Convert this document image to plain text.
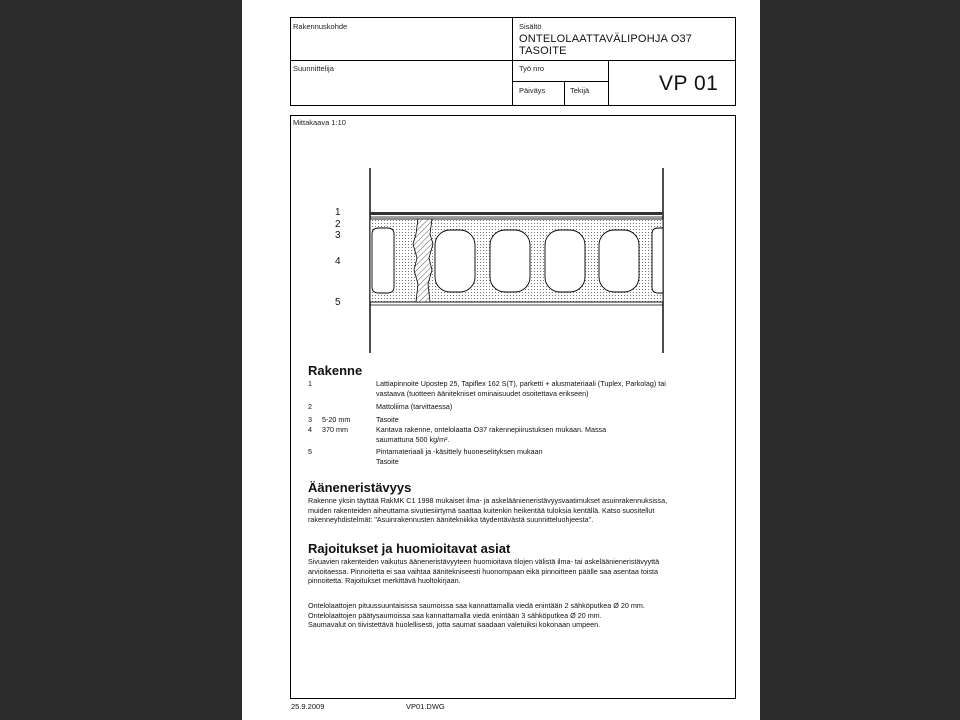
Rakennuskohde	Sisältö
ONTELOLAATTAVÄLIPOHJA O37
TASOITE
Suunnittelija	Työ nro
Päiväys	Tekijä	VP 01
Mittakaava 1:10
1
2
3
4
5
Rakenne
1	Lattiapinnoite Upostep 25, Tapiflex 162 S(T), parketti + alusmateriaali (Tuplex, Parkolag) tai
vastaava (tuotteen äänitekniset ominaisuudet osoitettava erikseen)
2	Mattoliima (tarvittaessa)
3 5-20 mm	Tasoite
4 370 mm	Kantava rakenne, ontelolaatta O37 rakennepiirustuksen mukaan. Massa
saumattuna 500 kg/m².
5	Pintamateriaali ja -käsittely huoneselityksen mukaan
Tasoite
Ääneneristävyys
Rakenne yksin täyttää RakMK C1 1998 mukaiset ilma- ja askeläänieneristävyysvaatimukset asuinrakennuksissa,
muiden rakenteiden aiheuttama sivutiesiirtymä saattaa kuitenkin heikentää tuloksia kentällä. Katso suositellut
rakenneyhdistelmät: "Asuinrakennusten äänitekniikka täydentävästä suunnitteluohjeesta".
Rajoitukset ja huomioitavat asiat
Sivuavien rakenteiden vaikutus ääneneristävyyteen huomioitava tilojen välistä ilma- tai askeläänieneristävyyttä
arvioitaessa. Pinnoitetta ei saa vaihtaa äänitekniseesti huonompaan eikä pinnoitteen päälle saa asentaa toista
pinnoitetta. Rajoitukset merkittävä huoltokirjaan.
Ontelolaattojen pituussuuntaisissa saumoissa saa kannattamalla viedä enintään 2 sähköputkea Ø 20 mm.
Ontelolaattojen päätysaumoissa saa kannattamalla viedä enintään 3 sähköputkea Ø 20 mm.
Saumavalut on tiivistettävä huolellisesti, jotta saumat saadaan valetuiksi kokonaan umpeen.
25.9.2009	VP01.DWG
